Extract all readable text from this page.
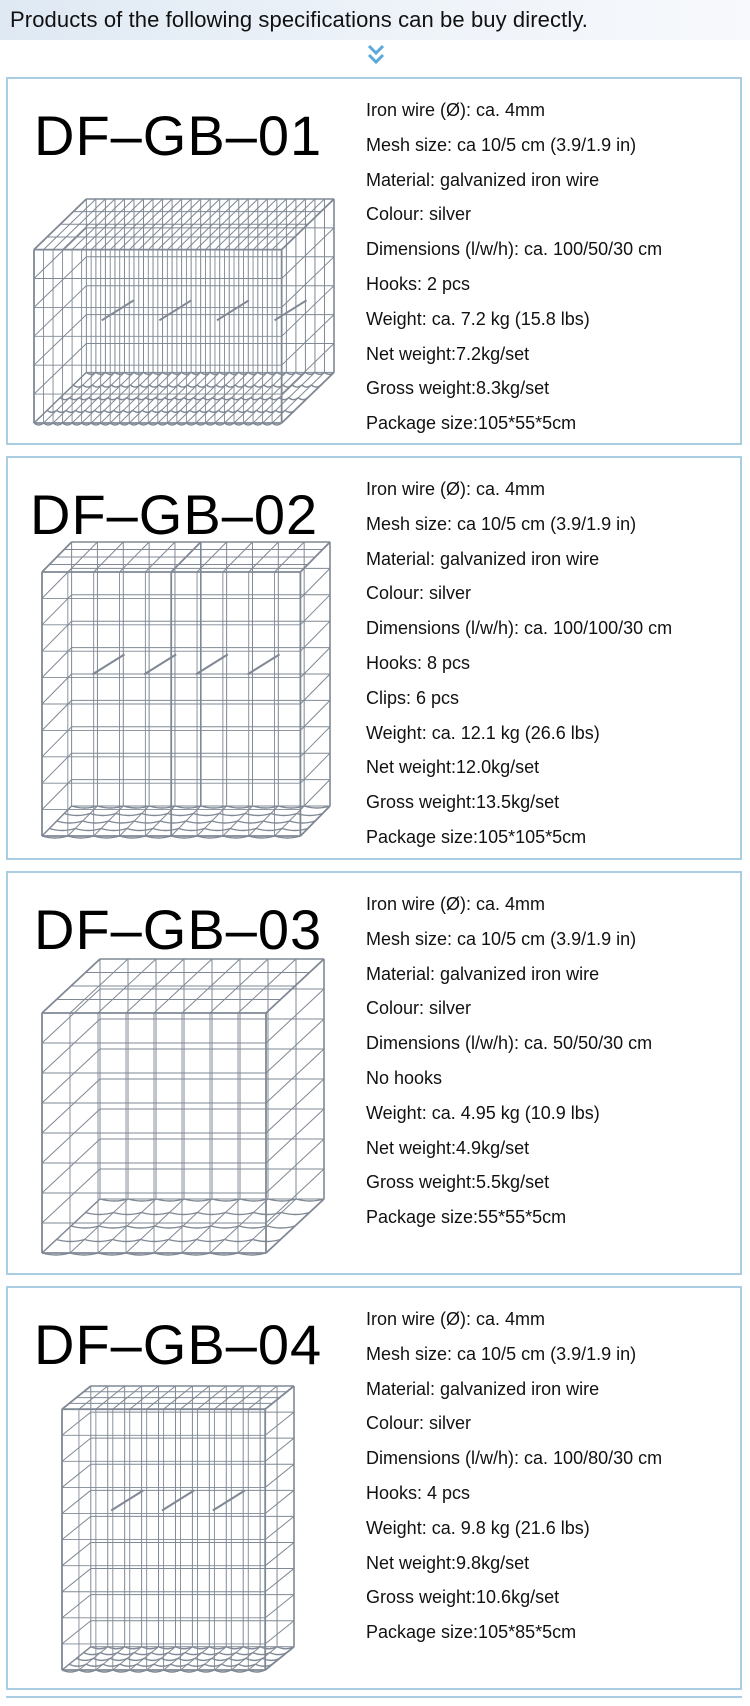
Products of the following specifications can be buy directly.
DF–GB–01 Iron wire (Ø): ca. 4mm
Mesh size: ca 10/5 cm (3.9/1.9 in)
Material: galvanized iron wire
Colour: silver
Dimensions (l/w/h): ca. 100/50/30 cm
Hooks: 2 pcs
Weight: ca. 7.2 kg (15.8 lbs)
Net weight:7.2kg/set
Gross weight:8.3kg/set
Package size:105*55*5cm
DF–GB–02	Iron wire (Ø): ca. 4mm
Mesh size: ca 10/5 cm (3.9/1.9 in)
Material: galvanized iron wire
Colour: silver
Dimensions (l/w/h): ca. 100/100/30 cm
Hooks: 8 pcs
Clips: 6 pcs
Weight: ca. 12.1 kg (26.6 lbs)
Net weight:12.0kg/set
Gross weight:13.5kg/set
Package size:105*105*5cm
DF–GB–03 Iron wire (Ø): ca. 4mm
Mesh size: ca 10/5 cm (3.9/1.9 in)
Material: galvanized iron wire
Colour: silver
Dimensions (l/w/h): ca. 50/50/30 cm
No hooks
Weight: ca. 4.95 kg (10.9 lbs)
Net weight:4.9kg/set
Gross weight:5.5kg/set
Package size:55*55*5cm
DF–GB–04 Iron wire (Ø): ca. 4mm
Mesh size: ca 10/5 cm (3.9/1.9 in)
Material: galvanized iron wire
Colour: silver
Dimensions (l/w/h): ca. 100/80/30 cm
Hooks: 4 pcs
Weight: ca. 9.8 kg (21.6 lbs)
Net weight:9.8kg/set
Gross weight:10.6kg/set
Package size:105*85*5cm
